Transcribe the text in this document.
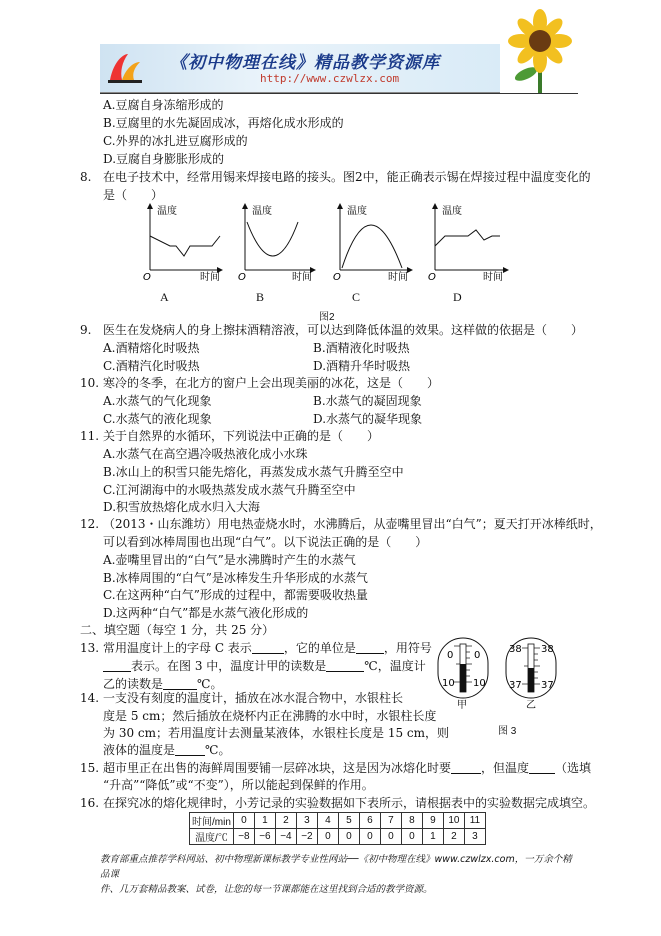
《初中物理在线》精品教学资源库
http://www.czwlzx.com
A.豆腐自身冻缩形成的
B.豆腐里的水先凝固成冰，再熔化成水形成的
C.外界的冰扎进豆腐形成的
D.豆腐自身膨胀形成的
8. 在电子技术中，经常用锡来焊接电路的接头。图2中，能正确表示锡在焊接过程中温度变化的
是（　　）
温度
时间
O
温度
时间
O
温度
时间
O
温度
时间
O
A	B	C	D
图2
9. 医生在发烧病人的身上擦抹酒精溶液，可以达到降低体温的效果。这样做的依据是（　　）
A.酒精熔化时吸热	B.酒精液化时吸热
C.酒精汽化时吸热	D.酒精升华时吸热
10. 寒冷的冬季，在北方的窗户上会出现美丽的冰花，这是（　　）
A.水蒸气的气化现象	B.水蒸气的凝固现象
C.水蒸气的液化现象	D.水蒸气的凝华现象
11. 关于自然界的水循环，下列说法中正确的是（　　）
A.水蒸气在高空遇冷吸热液化成小水珠
B.冰山上的积雪只能先熔化，再蒸发成水蒸气升腾至空中
C.江河湖海中的水吸热蒸发成水蒸气升腾至空中
D.积雪放热熔化成水归入大海
12. （2013・山东潍坊）用电热壶烧水时，水沸腾后，从壶嘴里冒出“白气”；夏天打开冰棒纸时，
可以看到冰棒周围也出现“白气”。以下说法正确的是（　　）
A.壶嘴里冒出的“白气”是水沸腾时产生的水蒸气
B.冰棒周围的“白气”是冰棒发生升华形成的水蒸气
C.在这两种“白气”形成的过程中，都需要吸收热量
D.这两种“白气”都是水蒸气液化形成的
二、填空题（每空 1 分，共 25 分）
13. 常用温度计上的字母 C 表示	，它的单位是 ，用符号
表示。在图 3 中，温度计甲的读数是	℃，温度计
乙的读数是	℃。
0 0
10 10
甲
38 38
37 37
乙
图 3
14. 一支没有刻度的温度计，插放在冰水混合物中，水银柱长
度是 5 cm；然后插放在烧杯内正在沸腾的水中时，水银柱长度
为 30 cm；若用温度计去测量某液体，水银柱长度是 15 cm，则
液体的温度是	℃。
15. 超市里正在出售的海鲜周围要铺一层碎冰块，这是因为冰熔化时要	，但温度 （选填
“升高”“降低”或“不变”），所以能起到保鲜的作用。
16. 在探究冰的熔化规律时，小芳记录的实验数据如下表所示，请根据表中的实验数据完成填空。
时间/min	0	1	2	3	4	5	6	7	8	9	10	11
温度/℃	−8	−6	−4	−2	0	0	0	0	0	1	2	3
教育部重点推荐学科网站、初中物理新课标教学专业性网站──《初中物理在线》www.czwlzx.com，一万余个精品课
件、几万套精品教案、试卷，让您的每一节课都能在这里找到合适的教学资源。
